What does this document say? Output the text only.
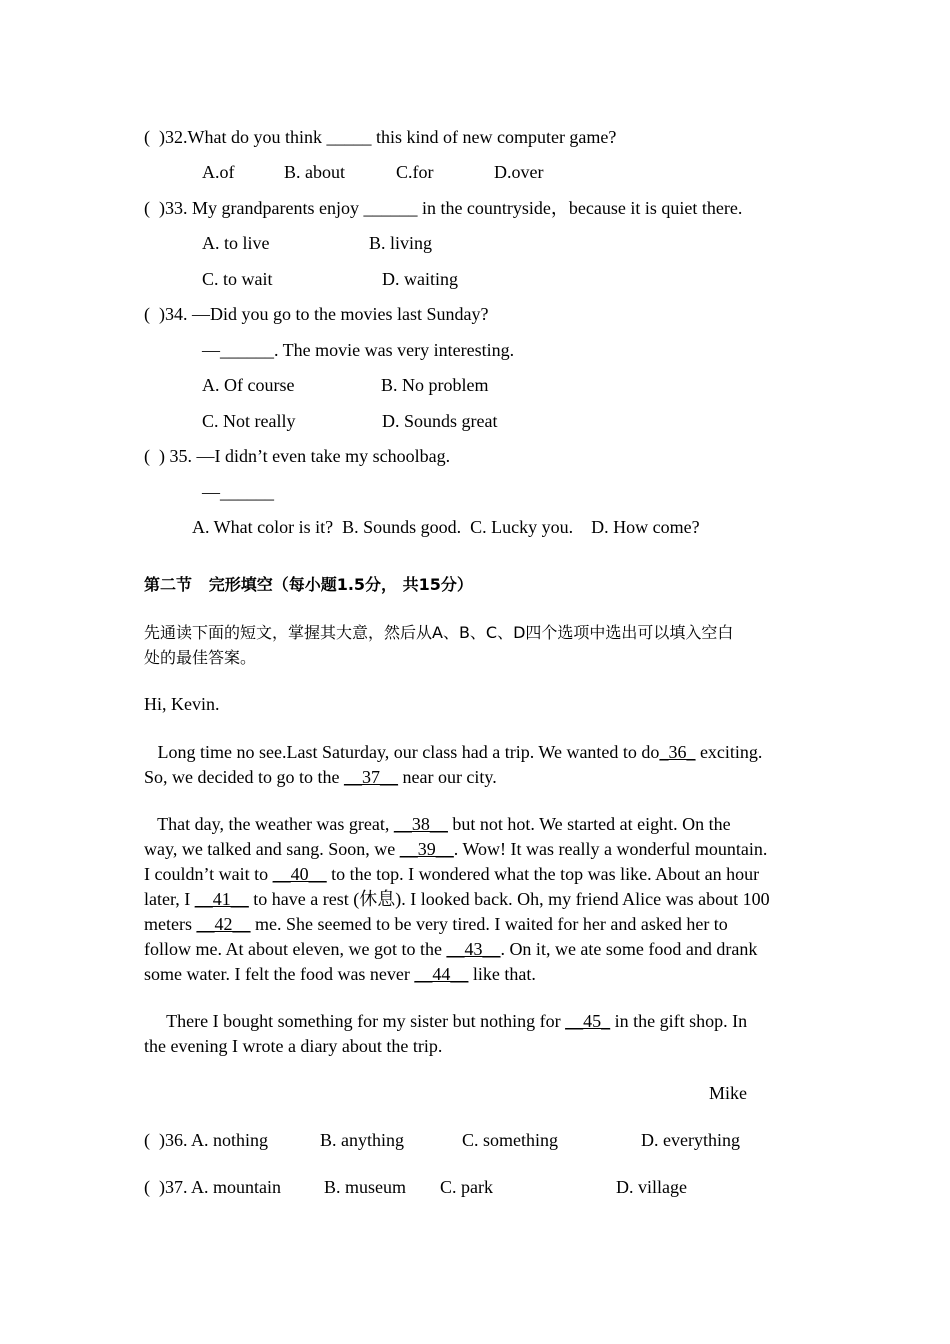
(  )32.What do you think _____ this kind of new computer game?
A.of	B. about	C.for	D.over
(  )33. My grandparents enjoy ______ in the countryside，because it is quiet there.
A. to live	B. living
C. to wait	D. waiting
(  )34. —Did you go to the movies last Sunday?
—______. The movie was very interesting.
A. Of course	B. No problem
C. Not really	D. Sounds great
(  ) 35. —I didn’t even take my schoolbag.
—______
A. What color is it?  B. Sounds good.  C. Lucky you.    D. How come?
第二节   完形填空（每小题1.5分， 共15分）
先通读下面的短文，掌握其大意，然后从A、B、C、D四个选项中选出可以填入空白
处的最佳答案。
Hi, Kevin.
Long time no see.Last Saturday, our class had a trip. We wanted to do_36_ exciting.
So, we decided to go to the __37__ near our city.
That day, the weather was great, __38__ but not hot. We started at eight. On the
way, we talked and sang. Soon, we __39__. Wow! It was really a wonderful mountain.
I couldn’t wait to __40__ to the top. I wondered what the top was like. About an hour
later, I __41__ to have a rest (休息). I looked back. Oh, my friend Alice was about 100
meters __42__ me. She seemed to be very tired. I waited for her and asked her to
follow me. At about eleven, we got to the __43__. On it, we ate some food and drank
some water. I felt the food was never __44__ like that.
There I bought something for my sister but nothing for __45_ in the gift shop. In
the evening I wrote a diary about the trip.
Mike
(  )36. A. nothing	B. anything	C. something	D. everything
(  )37. A. mountain B. museum C. park	D. village
